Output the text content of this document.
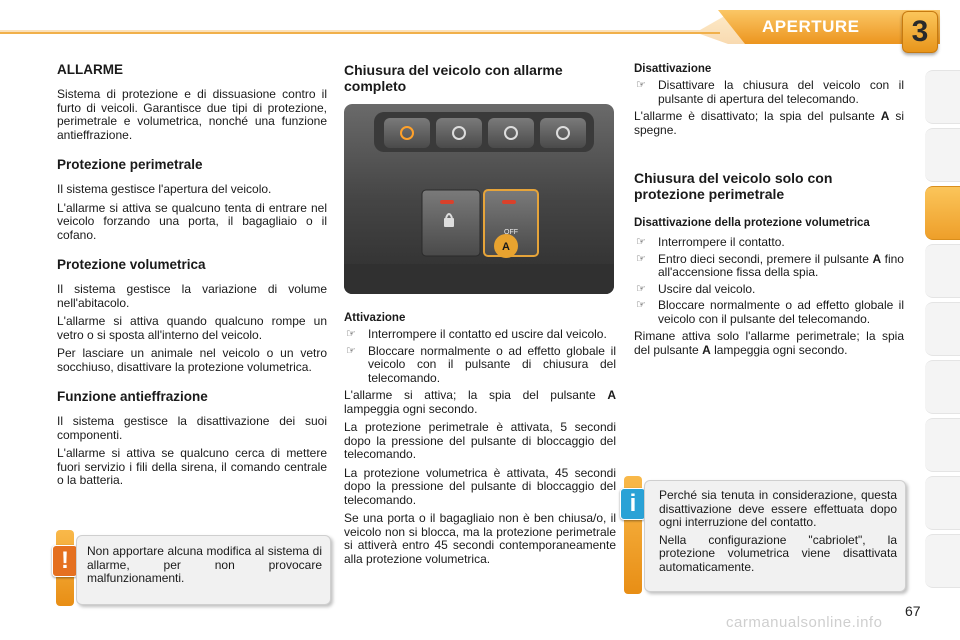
APERTURE 3
ALLARME

Sistema di protezione e di dissuasione contro il furto di veicoli. Garantisce due tipi di protezione, perimetrale e volumetrica, nonché una funzione antieffrazione.

Protezione perimetrale

Il sistema gestisce l'apertura del veicolo.

L'allarme si attiva se qualcuno tenta di entrare nel veicolo forzando una porta, il bagagliaio o il cofano.

Protezione volumetrica

Il sistema gestisce la variazione di volume nell'abitacolo.

L'allarme si attiva quando qualcuno rompe un vetro o si sposta all'interno del veicolo.

Per lasciare un animale nel veicolo o un vetro socchiuso, disattivare la protezione volumetrica.

Funzione antieffrazione

Il sistema gestisce la disattivazione dei suoi componenti.

L'allarme si attiva se qualcuno cerca di mettere fuori servizio i fili della sirena, il comando centrale o la batteria.

!	Non apportare alcuna modifica al sistema di allarme, per non provocare malfunzionamenti.

Chiusura del veicolo con allarme completo
A
OFF
Attivazione
☞ Interrompere il contatto ed uscire dal veicolo.
☞ Bloccare normalmente o ad effetto globale il veicolo con il pulsante di chiusura del telecomando.

L'allarme si attiva; la spia del pulsante A lampeggia ogni secondo.

La protezione perimetrale è attivata, 5 secondi dopo la pressione del pulsante di bloccaggio del telecomando.

La protezione volumetrica è attivata, 45 secondi dopo la pressione del pulsante di bloccaggio del telecomando.

Se una porta o il bagagliaio non è ben chiusa/o, il veicolo non si blocca, ma la protezione perimetrale si attiverà entro 45 secondi contemporaneamente alla protezione volumetrica.

Disattivazione
☞ Disattivare la chiusura del veicolo con il pulsante di apertura del telecomando.

L'allarme è disattivato; la spia del pulsante A si spegne.

Chiusura del veicolo solo con protezione perimetrale
Disattivazione della protezione volumetrica
☞ Interrompere il contatto.
☞ Entro dieci secondi, premere il pulsante A fino all'accensione fissa della spia.
☞ Uscire dal veicolo.
☞ Bloccare normalmente o ad effetto globale il veicolo con il pulsante del telecomando.

Rimane attiva solo l'allarme perimetrale; la spia del pulsante A lampeggia ogni secondo.

i	Perché sia tenuta in considerazione, questa disattivazione deve essere effettuata dopo ogni interruzione del contatto.

Nella configurazione "cabriolet", la protezione volumetrica viene disattivata automaticamente.

67
carmanualsonline.info
